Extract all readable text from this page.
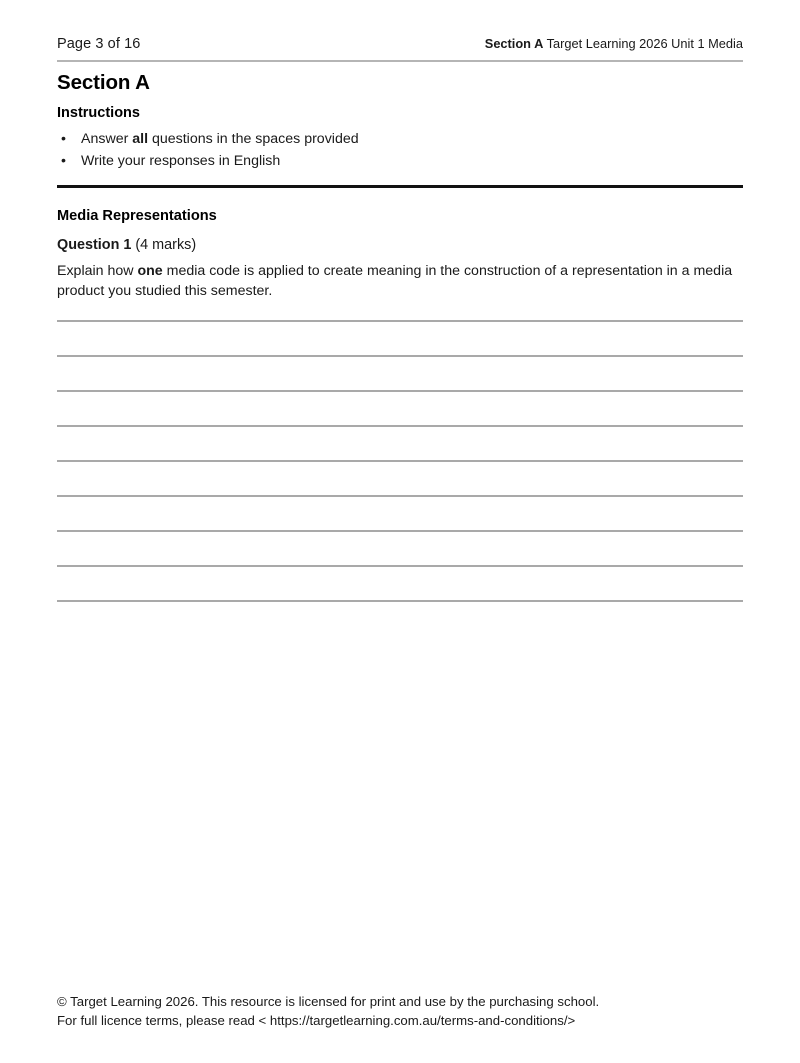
Page 3 of 16	Section A Target Learning 2026 Unit 1 Media
Section A
Instructions
• Answer all questions in the spaces provided
• Write your responses in English
Media Representations
Question 1 (4 marks)
Explain how one media code is applied to create meaning in the construction of a representation in a media product you studied this semester.
© Target Learning 2026. This resource is licensed for print and use by the purchasing school.
For full licence terms, please read < https://targetlearning.com.au/terms-and-conditions/>
